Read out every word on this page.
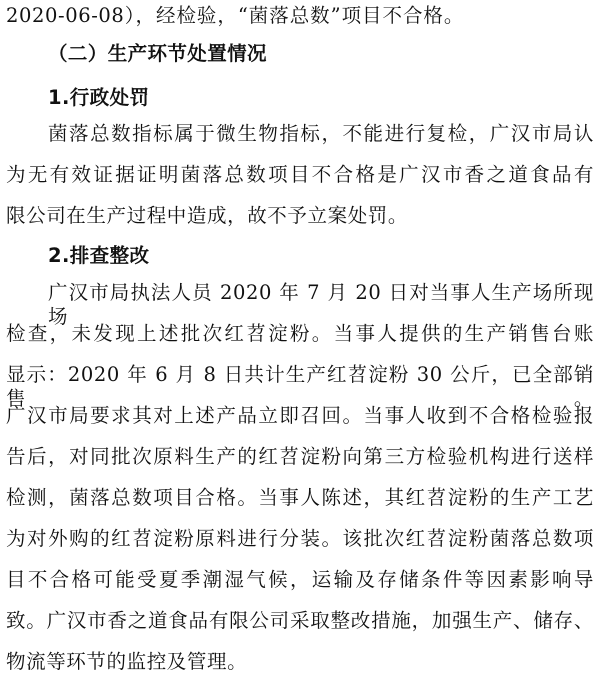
2020-06-08），经检验，“菌落总数”项目不合格。
（二）生产环节处置情况
1.行政处罚
菌落总数指标属于微生物指标，不能进行复检，广汉市局认
为无有效证据证明菌落总数项目不合格是广汉市香之道食品有
限公司在生产过程中造成，故不予立案处罚。
2.排查整改
广汉市局执法人员 2020 年 7 月 20 日对当事人生产场所现场
检查，未发现上述批次红苕淀粉。当事人提供的生产销售台账
显示：2020 年 6 月 8 日共计生产红苕淀粉 30 公斤，已全部销售。
广汉市局要求其对上述产品立即召回。当事人收到不合格检验报
告后，对同批次原料生产的红苕淀粉向第三方检验机构进行送样
检测，菌落总数项目合格。当事人陈述，其红苕淀粉的生产工艺
为对外购的红苕淀粉原料进行分装。该批次红苕淀粉菌落总数项
目不合格可能受夏季潮湿气候，运输及存储条件等因素影响导
致。广汉市香之道食品有限公司采取整改措施，加强生产、储存、
物流等环节的监控及管理。
